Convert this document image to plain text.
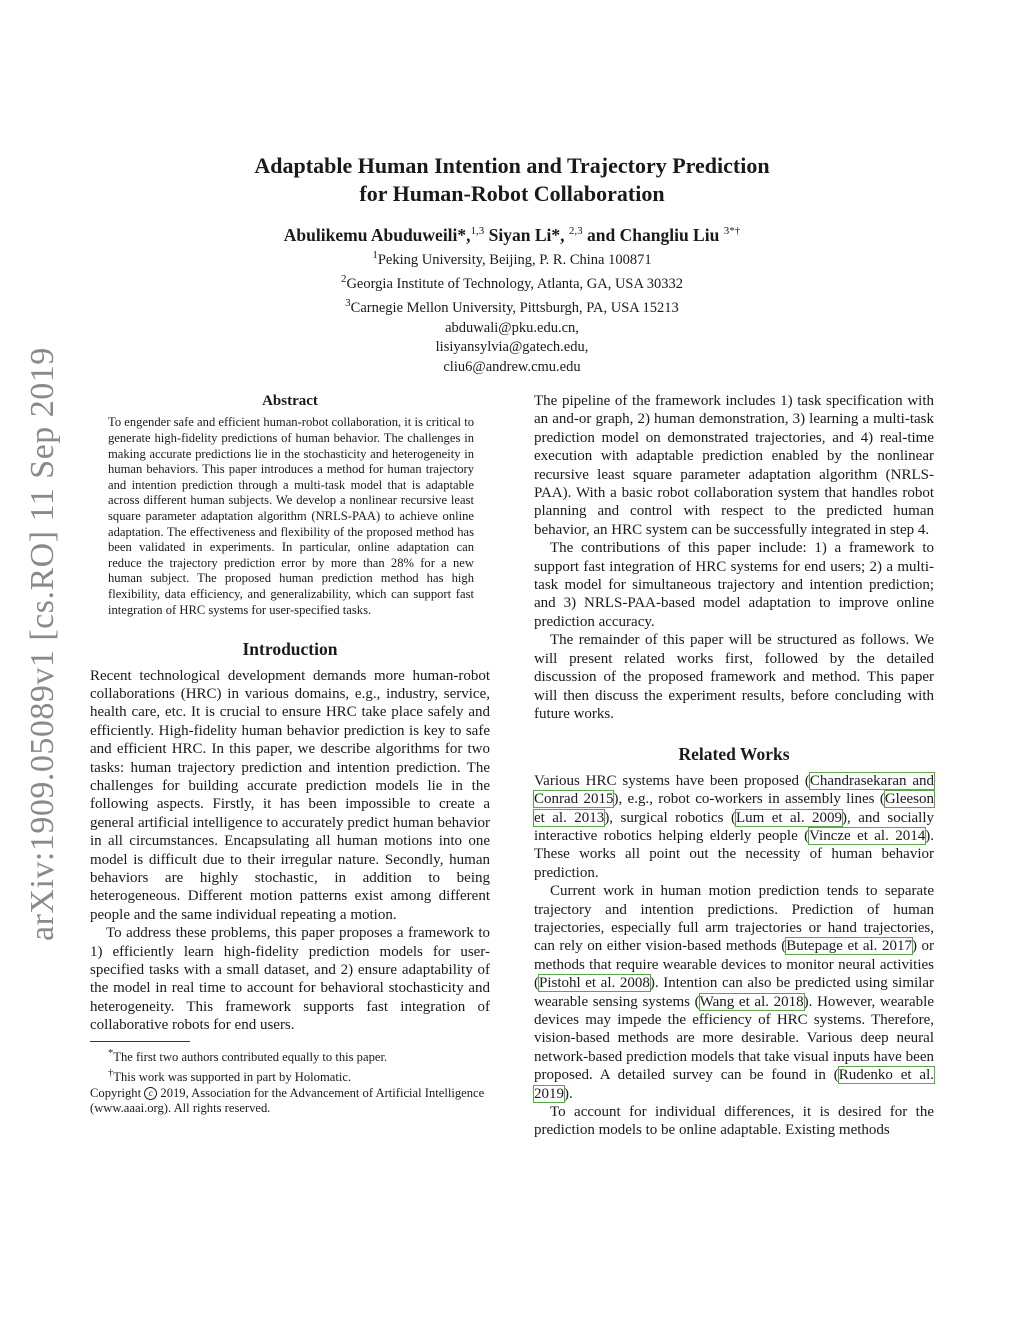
arXiv:1909.05089v1 [cs.RO] 11 Sep 2019
Adaptable Human Intention and Trajectory Prediction
for Human-Robot Collaboration
Abulikemu Abuduweili*,$^{1,3}$ Siyan Li*, $^{2,3}$ and Changliu Liu $^{3*\dagger}$
$^1$Peking University, Beijing, P. R. China 100871
$^2$Georgia Institute of Technology, Atlanta, GA, USA 30332
$^3$Carnegie Mellon University, Pittsburgh, PA, USA 15213
abduwali@pku.edu.cn,
lisiyansylvia@gatech.edu,
cliu6@andrew.cmu.edu
Abstract
To engender safe and efficient human-robot collaboration, it is critical to generate high-fidelity predictions of human behavior. The challenges in making accurate predictions lie in the stochasticity and heterogeneity in human behaviors. This paper introduces a method for human trajectory and intention prediction through a multi-task model that is adaptable across different human subjects. We develop a nonlinear recursive least square parameter adaptation algorithm (NRLS-PAA) to achieve online adaptation. The effectiveness and flexibility of the proposed method has been validated in experiments. In particular, online adaptation can reduce the trajectory prediction error by more than 28% for a new human subject. The proposed human prediction method has high flexibility, data efficiency, and generalizability, which can support fast integration of HRC systems for user-specified tasks.
Introduction

Recent technological development demands more human-robot collaborations (HRC) in various domains, e.g., industry, service, health care, etc. It is crucial to ensure HRC take place safely and efficiently. High-fidelity human behavior prediction is key to safe and efficient HRC. In this paper, we describe algorithms for two tasks: human trajectory prediction and intention prediction. The challenges for building accurate prediction models lie in the following aspects. Firstly, it has been impossible to create a general artificial intelligence to accurately predict human behavior in all circumstances. Encapsulating all human motions into one model is difficult due to their irregular nature. Secondly, human behaviors are highly stochastic, in addition to being heterogeneous. Different motion patterns exist among different people and the same individual repeating a motion.

To address these problems, this paper proposes a framework to 1) efficiently learn high-fidelity prediction models for user-specified tasks with a small dataset, and 2) ensure adaptability of the model in real time to account for behavioral stochasticity and heterogeneity. This framework supports fast integration of collaborative robots for end users.

*The first two authors contributed equally to this paper.
†This work was supported in part by Holomatic.
Copyright c 2019, Association for the Advancement of Artificial Intelligence (www.aaai.org). All rights reserved.

The pipeline of the framework includes 1) task specification with an and-or graph, 2) human demonstration, 3) learning a multi-task prediction model on demonstrated trajectories, and 4) real-time execution with adaptable prediction enabled by the nonlinear recursive least square parameter adaptation algorithm (NRLS-PAA). With a basic robot collaboration system that handles robot planning and control with respect to the predicted human behavior, an HRC system can be successfully integrated in step 4.

The contributions of this paper include: 1) a framework to support fast integration of HRC systems for end users; 2) a multi-task model for simultaneous trajectory and intention prediction; and 3) NRLS-PAA-based model adaptation to improve online prediction accuracy.

The remainder of this paper will be structured as follows. We will present related works first, followed by the detailed discussion of the proposed framework and method. This paper will then discuss the experiment results, before concluding with future works.

Related Works

Various HRC systems have been proposed (Chandrasekaran and Conrad 2015), e.g., robot co-workers in assembly lines (Gleeson et al. 2013), surgical robotics (Lum et al. 2009), and socially interactive robotics helping elderly people (Vincze et al. 2014). These works all point out the necessity of human behavior prediction.

Current work in human motion prediction tends to separate trajectory and intention predictions. Prediction of human trajectories, especially full arm trajectories or hand trajectories, can rely on either vision-based methods (Butepage et al. 2017) or methods that require wearable devices to monitor neural activities (Pistohl et al. 2008). Intention can also be predicted using similar wearable sensing systems (Wang et al. 2018). However, wearable devices may impede the efficiency of HRC systems. Therefore, vision-based methods are more desirable. Various deep neural network-based prediction models that take visual inputs have been proposed. A detailed survey can be found in (Rudenko et al. 2019).

To account for individual differences, it is desired for the prediction models to be online adaptable. Existing methods
